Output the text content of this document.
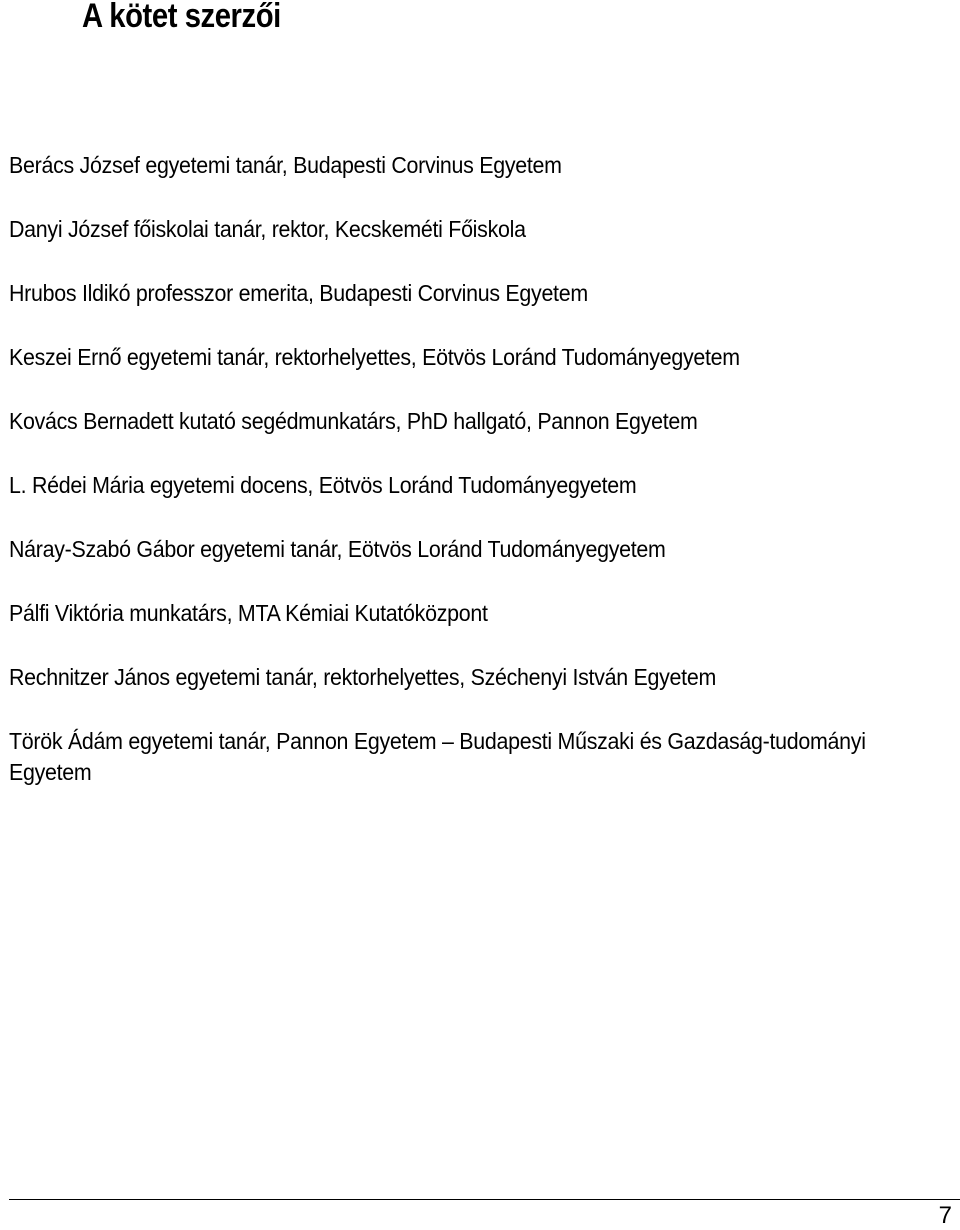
A kötet szerzői
Berács József egyetemi tanár, Budapesti Corvinus Egyetem
Danyi József főiskolai tanár, rektor, Kecskeméti Főiskola
Hrubos Ildikó professzor emerita, Budapesti Corvinus Egyetem
Keszei Ernő egyetemi tanár, rektorhelyettes, Eötvös Loránd Tudományegyetem
Kovács Bernadett kutató segédmunkatárs, PhD hallgató, Pannon Egyetem
L. Rédei Mária egyetemi docens, Eötvös Loránd Tudományegyetem
Náray-Szabó Gábor egyetemi tanár, Eötvös Loránd Tudományegyetem
Pálfi Viktória munkatárs, MTA Kémiai Kutatóközpont
Rechnitzer János egyetemi tanár, rektorhelyettes, Széchenyi István Egyetem
Török Ádám egyetemi tanár, Pannon Egyetem – Budapesti Műszaki és Gazdaság-tudományi Egyetem
7
